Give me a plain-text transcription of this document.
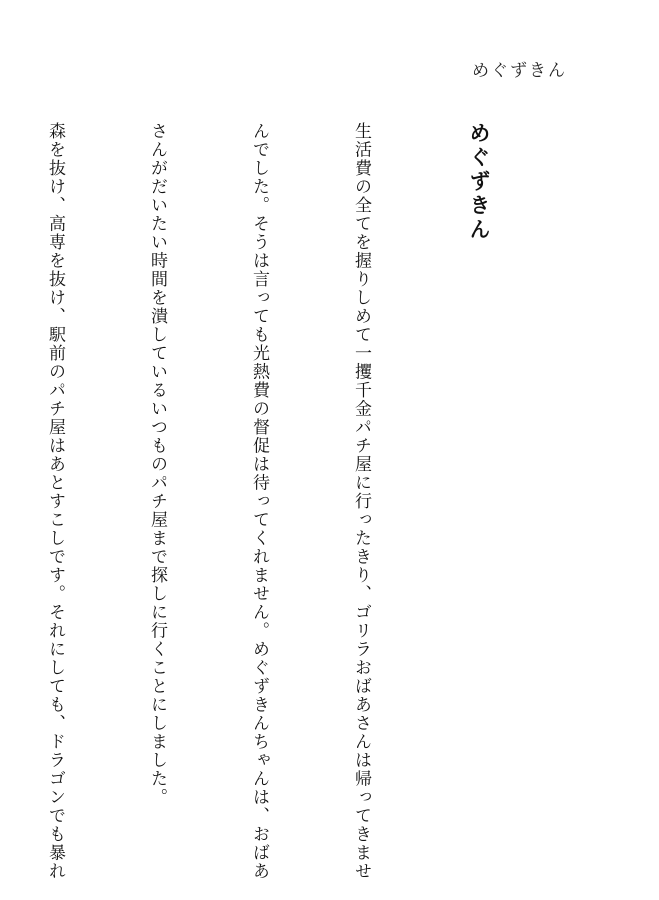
めぐずきん

めぐずきん

生活費の全てを握りしめて一攫千金パチ屋に行ったきり、ゴリラおばあさんは帰ってきませ

んでした。そうは言っても光熱費の督促は待ってくれません。めぐずきんちゃんは、おばあ

さんがだいたい時間を潰しているいつものパチ屋まで探しに行くことにしました。

森を抜け、高専を抜け、駅前のパチ屋はあとすこしです。それにしても、ドラゴンでも暴れ
